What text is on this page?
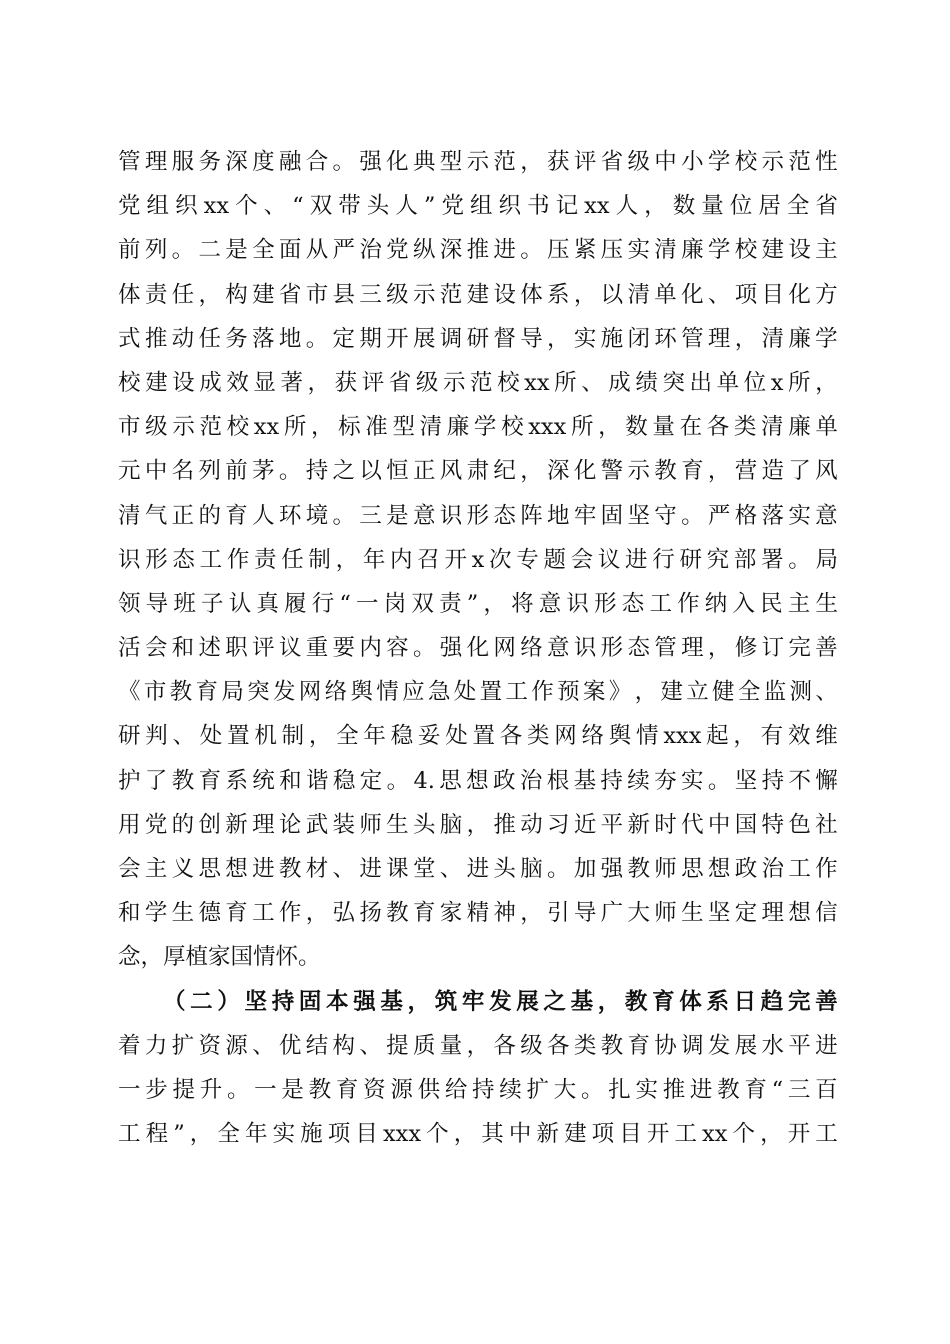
管 理 服 务 深 度 融 合 。 强 化 典 型 示 范 ， 获 评 省 级 中 小 学 校 示 范 性
党 组 织 xx 个 、 “ 双 带 头 人 ” 党 组 织 书 记 xx 人 ， 数 量 位 居 全 省
前 列 。 二 是 全 面 从 严 治 党 纵 深 推 进 。 压 紧 压 实 清 廉 学 校 建 设 主
体 责 任 ， 构 建 省 市 县 三 级 示 范 建 设 体 系 ， 以 清 单 化 、 项 目 化 方
式 推 动 任 务 落 地 。 定 期 开 展 调 研 督 导 ， 实 施 闭 环 管 理 ， 清 廉 学
校 建 设 成 效 显 著 ， 获 评 省 级 示 范 校 xx 所 、 成 绩 突 出 单 位 x 所 ，
市 级 示 范 校 xx 所 ， 标 准 型 清 廉 学 校 xxx 所 ， 数 量 在 各 类 清 廉 单
元 中 名 列 前 茅 。 持 之 以 恒 正 风 肃 纪 ， 深 化 警 示 教 育 ， 营 造 了 风
清 气 正 的 育 人 环 境 。 三 是 意 识 形 态 阵 地 牢 固 坚 守 。 严 格 落 实 意
识 形 态 工 作 责 任 制 ， 年 内 召 开 x 次 专 题 会 议 进 行 研 究 部 署 。 局
领 导 班 子 认 真 履 行 “ 一 岗 双 责 ” ， 将 意 识 形 态 工 作 纳 入 民 主 生
活 会 和 述 职 评 议 重 要 内 容 。 强 化 网 络 意 识 形 态 管 理 ， 修 订 完 善
《 市 教 育 局 突 发 网 络 舆 情 应 急 处 置 工 作 预 案 》 ， 建 立 健 全 监 测 、
研 判 、 处 置 机 制 ， 全 年 稳 妥 处 置 各 类 网 络 舆 情 xxx 起 ， 有 效 维
护 了 教 育 系 统 和 谐 稳 定 。 4. 思 想 政 治 根 基 持 续 夯 实 。 坚 持 不 懈
用 党 的 创 新 理 论 武 装 师 生 头 脑 ， 推 动 习 近 平 新 时 代 中 国 特 色 社
会 主 义 思 想 进 教 材 、 进 课 堂 、 进 头 脑 。 加 强 教 师 思 想 政 治 工 作
和 学 生 德 育 工 作 ， 弘 扬 教 育 家 精 神 ， 引 导 广 大 师 生 坚 定 理 想 信
念，厚植家国情怀。
（ 二 ） 坚 持 固 本 强 基 ， 筑 牢 发 展 之 基 ， 教 育 体 系 日 趋 完 善
着 力 扩 资 源 、 优 结 构 、 提 质 量 ， 各 级 各 类 教 育 协 调 发 展 水 平 进
一 步 提 升 。 一 是 教 育 资 源 供 给 持 续 扩 大 。 扎 实 推 进 教 育 “ 三 百
工 程 ” ， 全 年 实 施 项 目 xxx 个 ， 其 中 新 建 项 目 开 工 xx 个 ， 开 工
